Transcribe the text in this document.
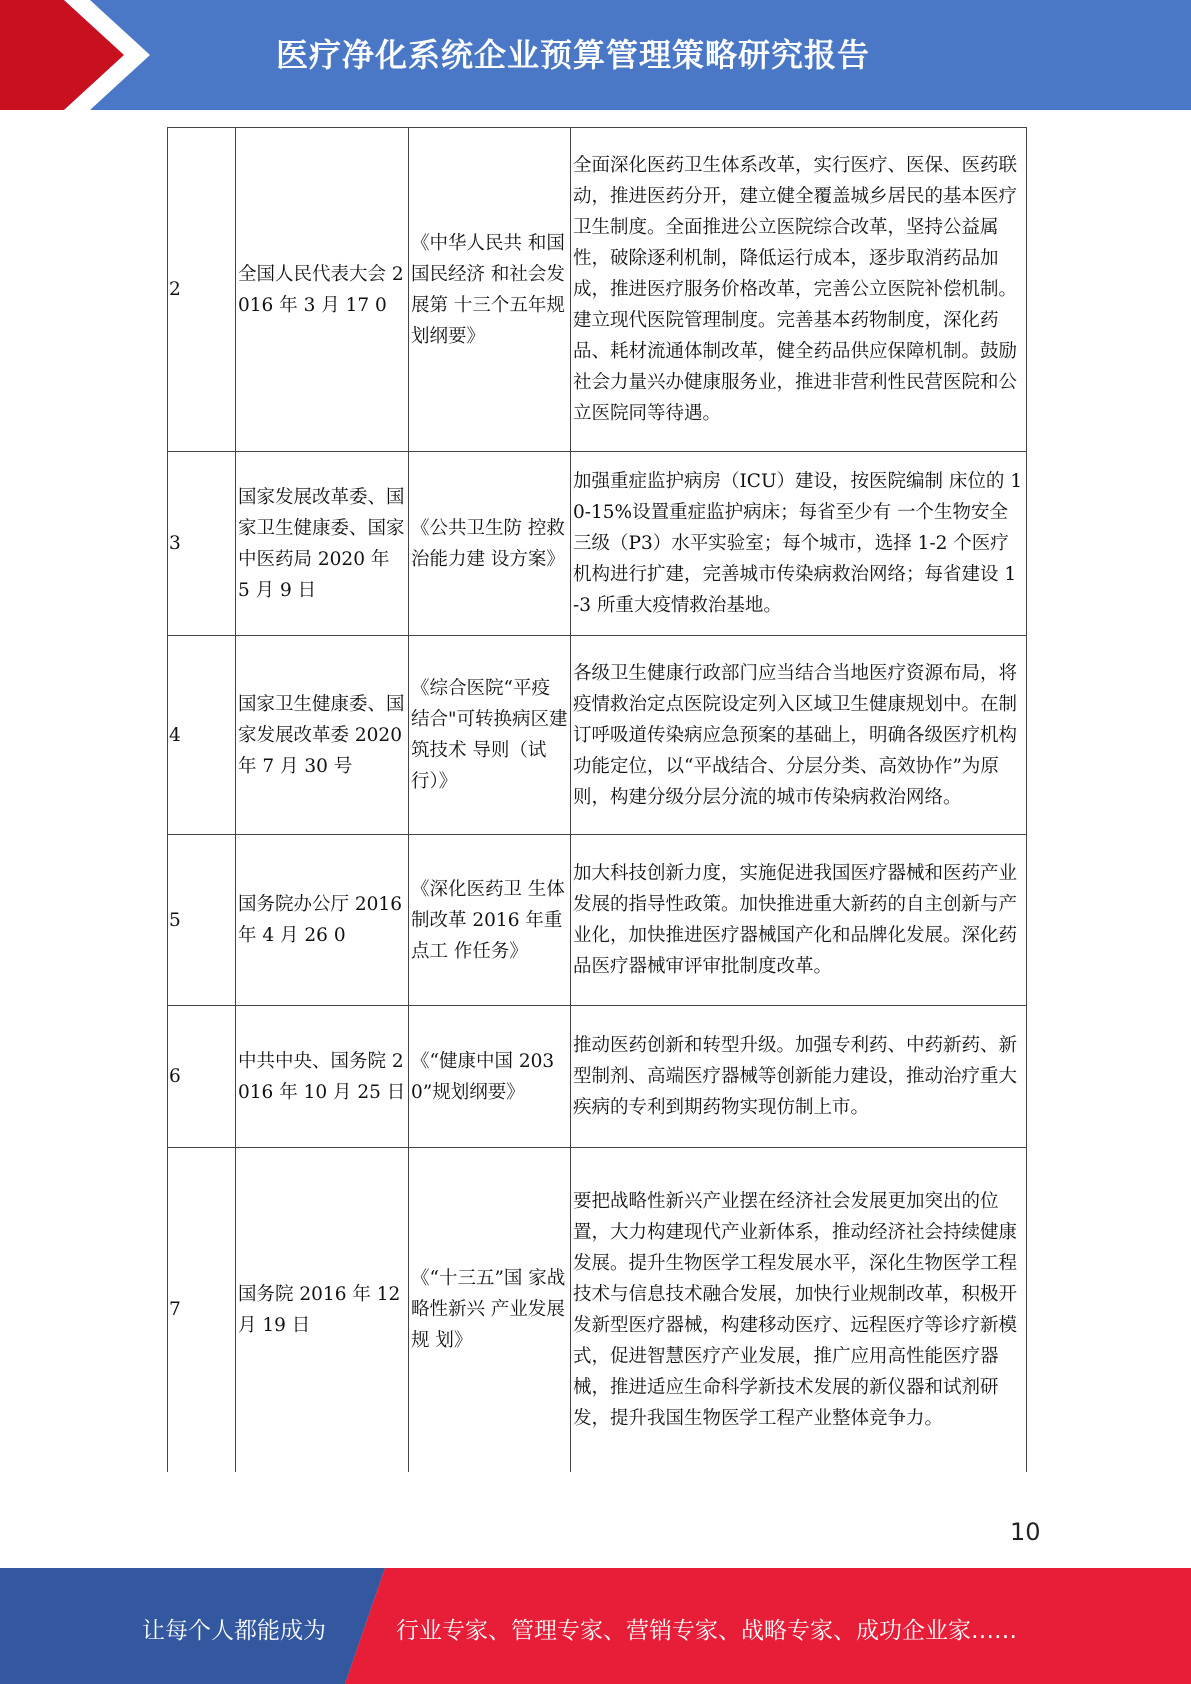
医疗净化系统企业预算管理策略研究报告
2	全国人民代表大会 2016 年 3 月 17 0	《中华人民共 和国国民经济 和社会发展第 十三个五年规 划纲要》	全面深化医药卫生体系改革，实行医疗、医保、医药联动，推进医药分开，建立健全覆盖城乡居民的基本医疗卫生制度。全面推进公立医院综合改革，坚持公益属性，破除逐利机制，降低运行成本，逐步取消药品加成，推进医疗服务价格改革，完善公立医院补偿机制。建立现代医院管理制度。完善基本药物制度，深化药品、耗材流通体制改革，健全药品供应保障机制。鼓励社会力量兴办健康服务业，推进非营利性民营医院和公立医院同等待遇。
3	国家发展改革委、国家卫生健康委、国家中医药局 2020 年 5 月 9 日	《公共卫生防 控救治能力建 设方案》	加强重症监护病房（ICU）建设，按医院编制 床位的 10-15%设置重症监护病床；每省至少有 一个生物安全三级（P3）水平实验室；每个城市，选择 1-2 个医疗机构进行扩建，完善城市传染病救治网络；每省建设 1 -3 所重大疫情救治基地。
4	国家卫生健康委、国家发展改革委 2020 年 7 月 30 号	《综合医院“平疫结合"可转换病区建筑技术 导则（试 行）》	各级卫生健康行政部门应当结合当地医疗资源布局，将疫情救治定点医院设定列入区域卫生健康规划中。在制订呼吸道传染病应急预案的基础上，明确各级医疗机构功能定位，以“平战结合、分层分类、高效协作”为原则，构建分级分层分流的城市传染病救治网络。
5	国务院办公厅 2016 年 4 月 26 0	《深化医药卫 生体制改革 2016 年重点工 作任务》	加大科技创新力度，实施促进我国医疗器械和医药产业发展的指导性政策。加快推进重大新药的自主创新与产业化，加快推进医疗器械国产化和品牌化发展。深化药品医疗器械审评审批制度改革。
6	中共中央、国务院 2016 年 10 月 25 日	《“健康中国 2030”规划纲要》	推动医药创新和转型升级。加强专利药、中药新药、新型制剂、高端医疗器械等创新能力建设，推动治疗重大疾病的专利到期药物实现仿制上市。
7	国务院 2016 年 12 月 19 日	《“十三五”国 家战略性新兴 产业发展规 划》	要把战略性新兴产业摆在经济社会发展更加突出的位置，大力构建现代产业新体系，推动经济社会持续健康发展。提升生物医学工程发展水平，深化生物医学工程技术与信息技术融合发展，加快行业规制改革，积极开发新型医疗器械，构建移动医疗、远程医疗等诊疗新模式，促进智慧医疗产业发展，推广应用高性能医疗器械，推进适应生命科学新技术发展的新仪器和试剂研发，提升我国生物医学工程产业整体竞争力。
10
让每个人都能成为	行业专家、管理专家、营销专家、战略专家、成功企业家……
